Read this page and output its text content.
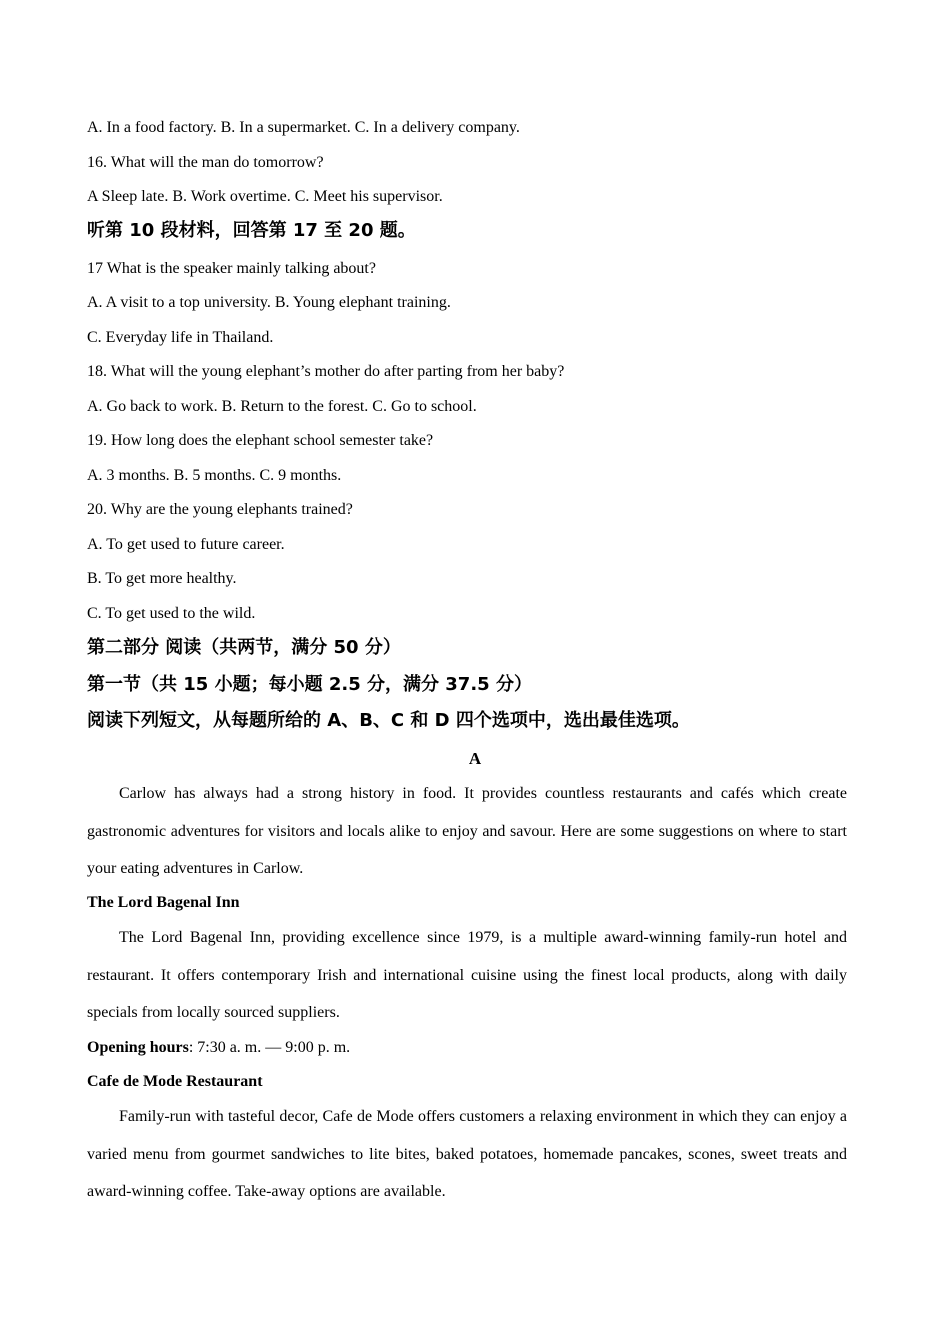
A. In a food factory. B. In a supermarket. C. In a delivery company.
16. What will the man do tomorrow?
A Sleep late. B. Work overtime. C. Meet his supervisor.
听第 10 段材料，回答第 17 至 20 题。
17 What is the speaker mainly talking about?
A. A visit to a top university. B. Young elephant training.
C. Everyday life in Thailand.
18. What will the young elephant’s mother do after parting from her baby?
A. Go back to work. B. Return to the forest. C. Go to school.
19. How long does the elephant school semester take?
A. 3 months. B. 5 months. C. 9 months.
20. Why are the young elephants trained?
A. To get used to future career.
B. To get more healthy.
C. To get used to the wild.
第二部分 阅读（共两节，满分 50 分）
第一节（共 15 小题；每小题 2.5 分，满分 37.5 分）
阅读下列短文，从每题所给的 A、B、C 和 D 四个选项中，选出最佳选项。
A
Carlow has always had a strong history in food. It provides countless restaurants and cafés which create gastronomic adventures for visitors and locals alike to enjoy and savour. Here are some suggestions on where to start your eating adventures in Carlow.
The Lord Bagenal Inn
The Lord Bagenal Inn, providing excellence since 1979, is a multiple award-winning family-run hotel and restaurant. It offers contemporary Irish and international cuisine using the finest local products, along with daily specials from locally sourced suppliers.
Opening hours: 7:30 a. m. — 9:00 p. m.
Cafe de Mode Restaurant
Family-run with tasteful decor, Cafe de Mode offers customers a relaxing environment in which they can enjoy a varied menu from gourmet sandwiches to lite bites, baked potatoes, homemade pancakes, scones, sweet treats and award-winning coffee. Take-away options are available.
